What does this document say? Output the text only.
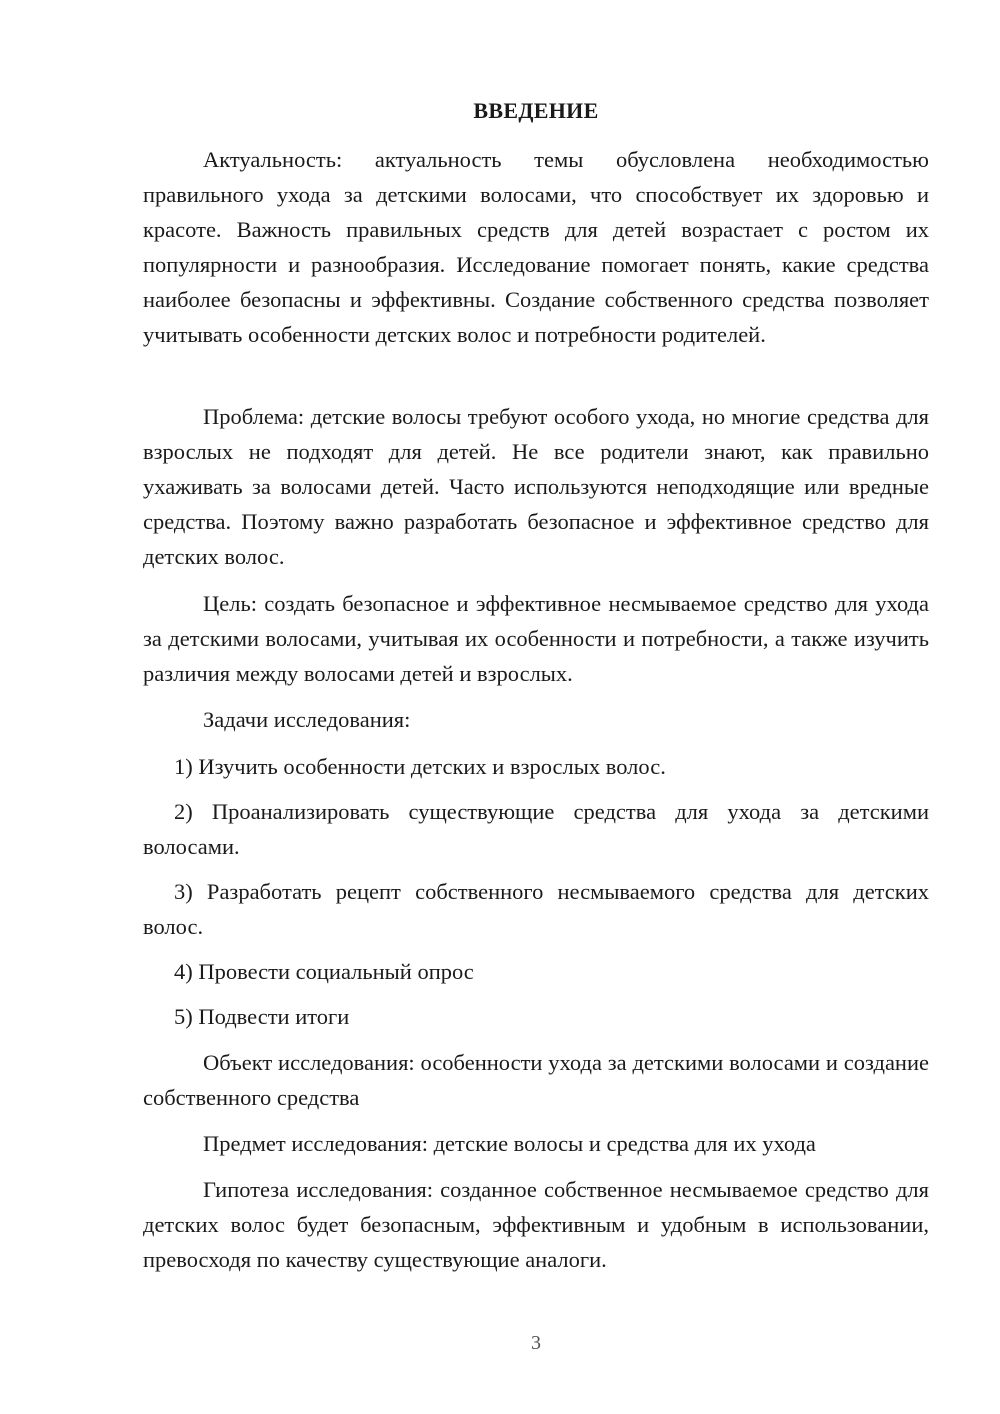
ВВЕДЕНИЕ

Актуальность: актуальность темы обусловлена необходимостью правильного ухода за детскими волосами, что способствует их здоровью и красоте. Важность правильных средств для детей возрастает с ростом их популярности и разнообразия. Исследование помогает понять, какие средства наиболее безопасны и эффективны. Создание собственного средства позволяет учитывать особенности детских волос и потребности родителей.

Проблема: детские волосы требуют особого ухода, но многие средства для взрослых не подходят для детей. Не все родители знают, как правильно ухаживать за волосами детей. Часто используются неподходящие или вредные средства. Поэтому важно разработать безопасное и эффективное средство для детских волос.

Цель: создать безопасное и эффективное несмываемое средство для ухода за детскими волосами, учитывая их особенности и потребности, а также изучить различия между волосами детей и взрослых.

Задачи исследования:

1) Изучить особенности детских и взрослых волос.

2) Проанализировать существующие средства для ухода за детскими волосами.

3) Разработать рецепт собственного несмываемого средства для детских волос.

4) Провести социальный опрос

5) Подвести итоги

Объект исследования: особенности ухода за детскими волосами и создание собственного средства

Предмет исследования: детские волосы и средства для их ухода

Гипотеза исследования: созданное собственное несмываемое средство для детских волос будет безопасным, эффективным и удобным в использовании, превосходя по качеству существующие аналоги.

3
